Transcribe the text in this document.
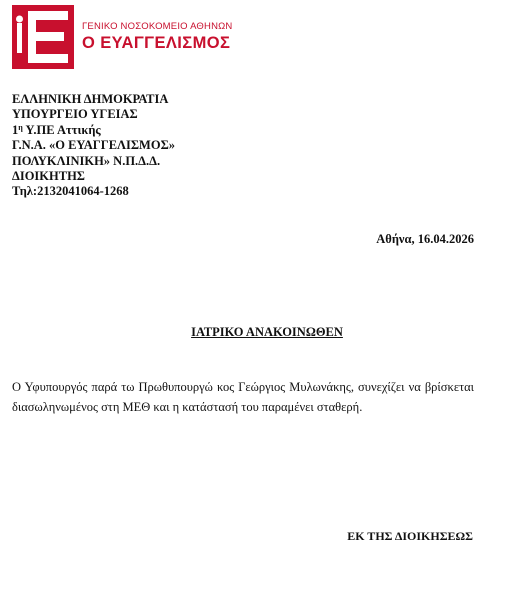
ΓΕΝΙΚΟ ΝΟΣΟΚΟΜΕΙΟ ΑΘΗΝΩΝ
Ο ΕΥΑΓΓΕΛΙΣΜΟΣ
ΕΛΛΗΝΙΚΗ ΔΗΜΟΚΡΑΤΙΑ
ΥΠΟΥΡΓΕΙΟ ΥΓΕΙΑΣ
$1^\eta$ Υ.ΠΕ Αττικής
Γ.Ν.Α. «Ο ΕΥΑΓΓΕΛΙΣΜΟΣ»
ΠΟΛΥΚΛΙΝΙΚΗ» Ν.Π.Δ.Δ.
ΔΙΟΙΚΗΤΗΣ
Τηλ:2132041064-1268
Αθήνα, 16.04.2026
ΙΑΤΡΙΚΟ ΑΝΑΚΟΙΝΩΘΕΝ
Ο Υφυπουργός παρά τω Πρωθυπουργώ κος Γεώργιος Μυλωνάκης, συνεχίζει να βρίσκεται διασωληνωμένος στη ΜΕΘ και η κατάστασή του παραμένει σταθερή.
ΕΚ ΤΗΣ ΔΙΟΙΚΗΣΕΩΣ
